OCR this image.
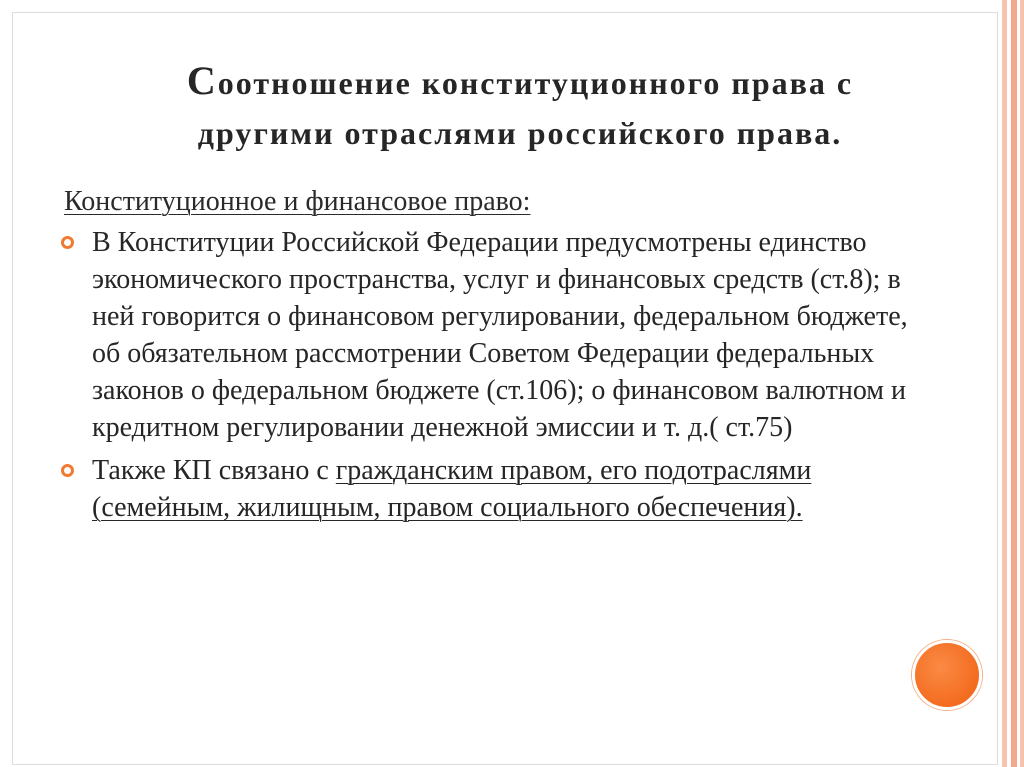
Соотношение конституционного права с
другими отраслями российского права.
Конституционное и финансовое право:
В Конституции Российской Федерации предусмотрены единство экономического пространства, услуг и финансовых средств (ст.8); в ней говорится о финансовом регулировании, федеральном бюджете, об обязательном рассмотрении Советом Федерации федеральных законов о федеральном бюджете (ст.106); о финансовом валютном и кредитном регулировании денежной эмиссии и т. д.( ст.75)
Также КП связано с гражданским правом, его подотраслями (семейным, жилищным, правом социального обеспечения).
